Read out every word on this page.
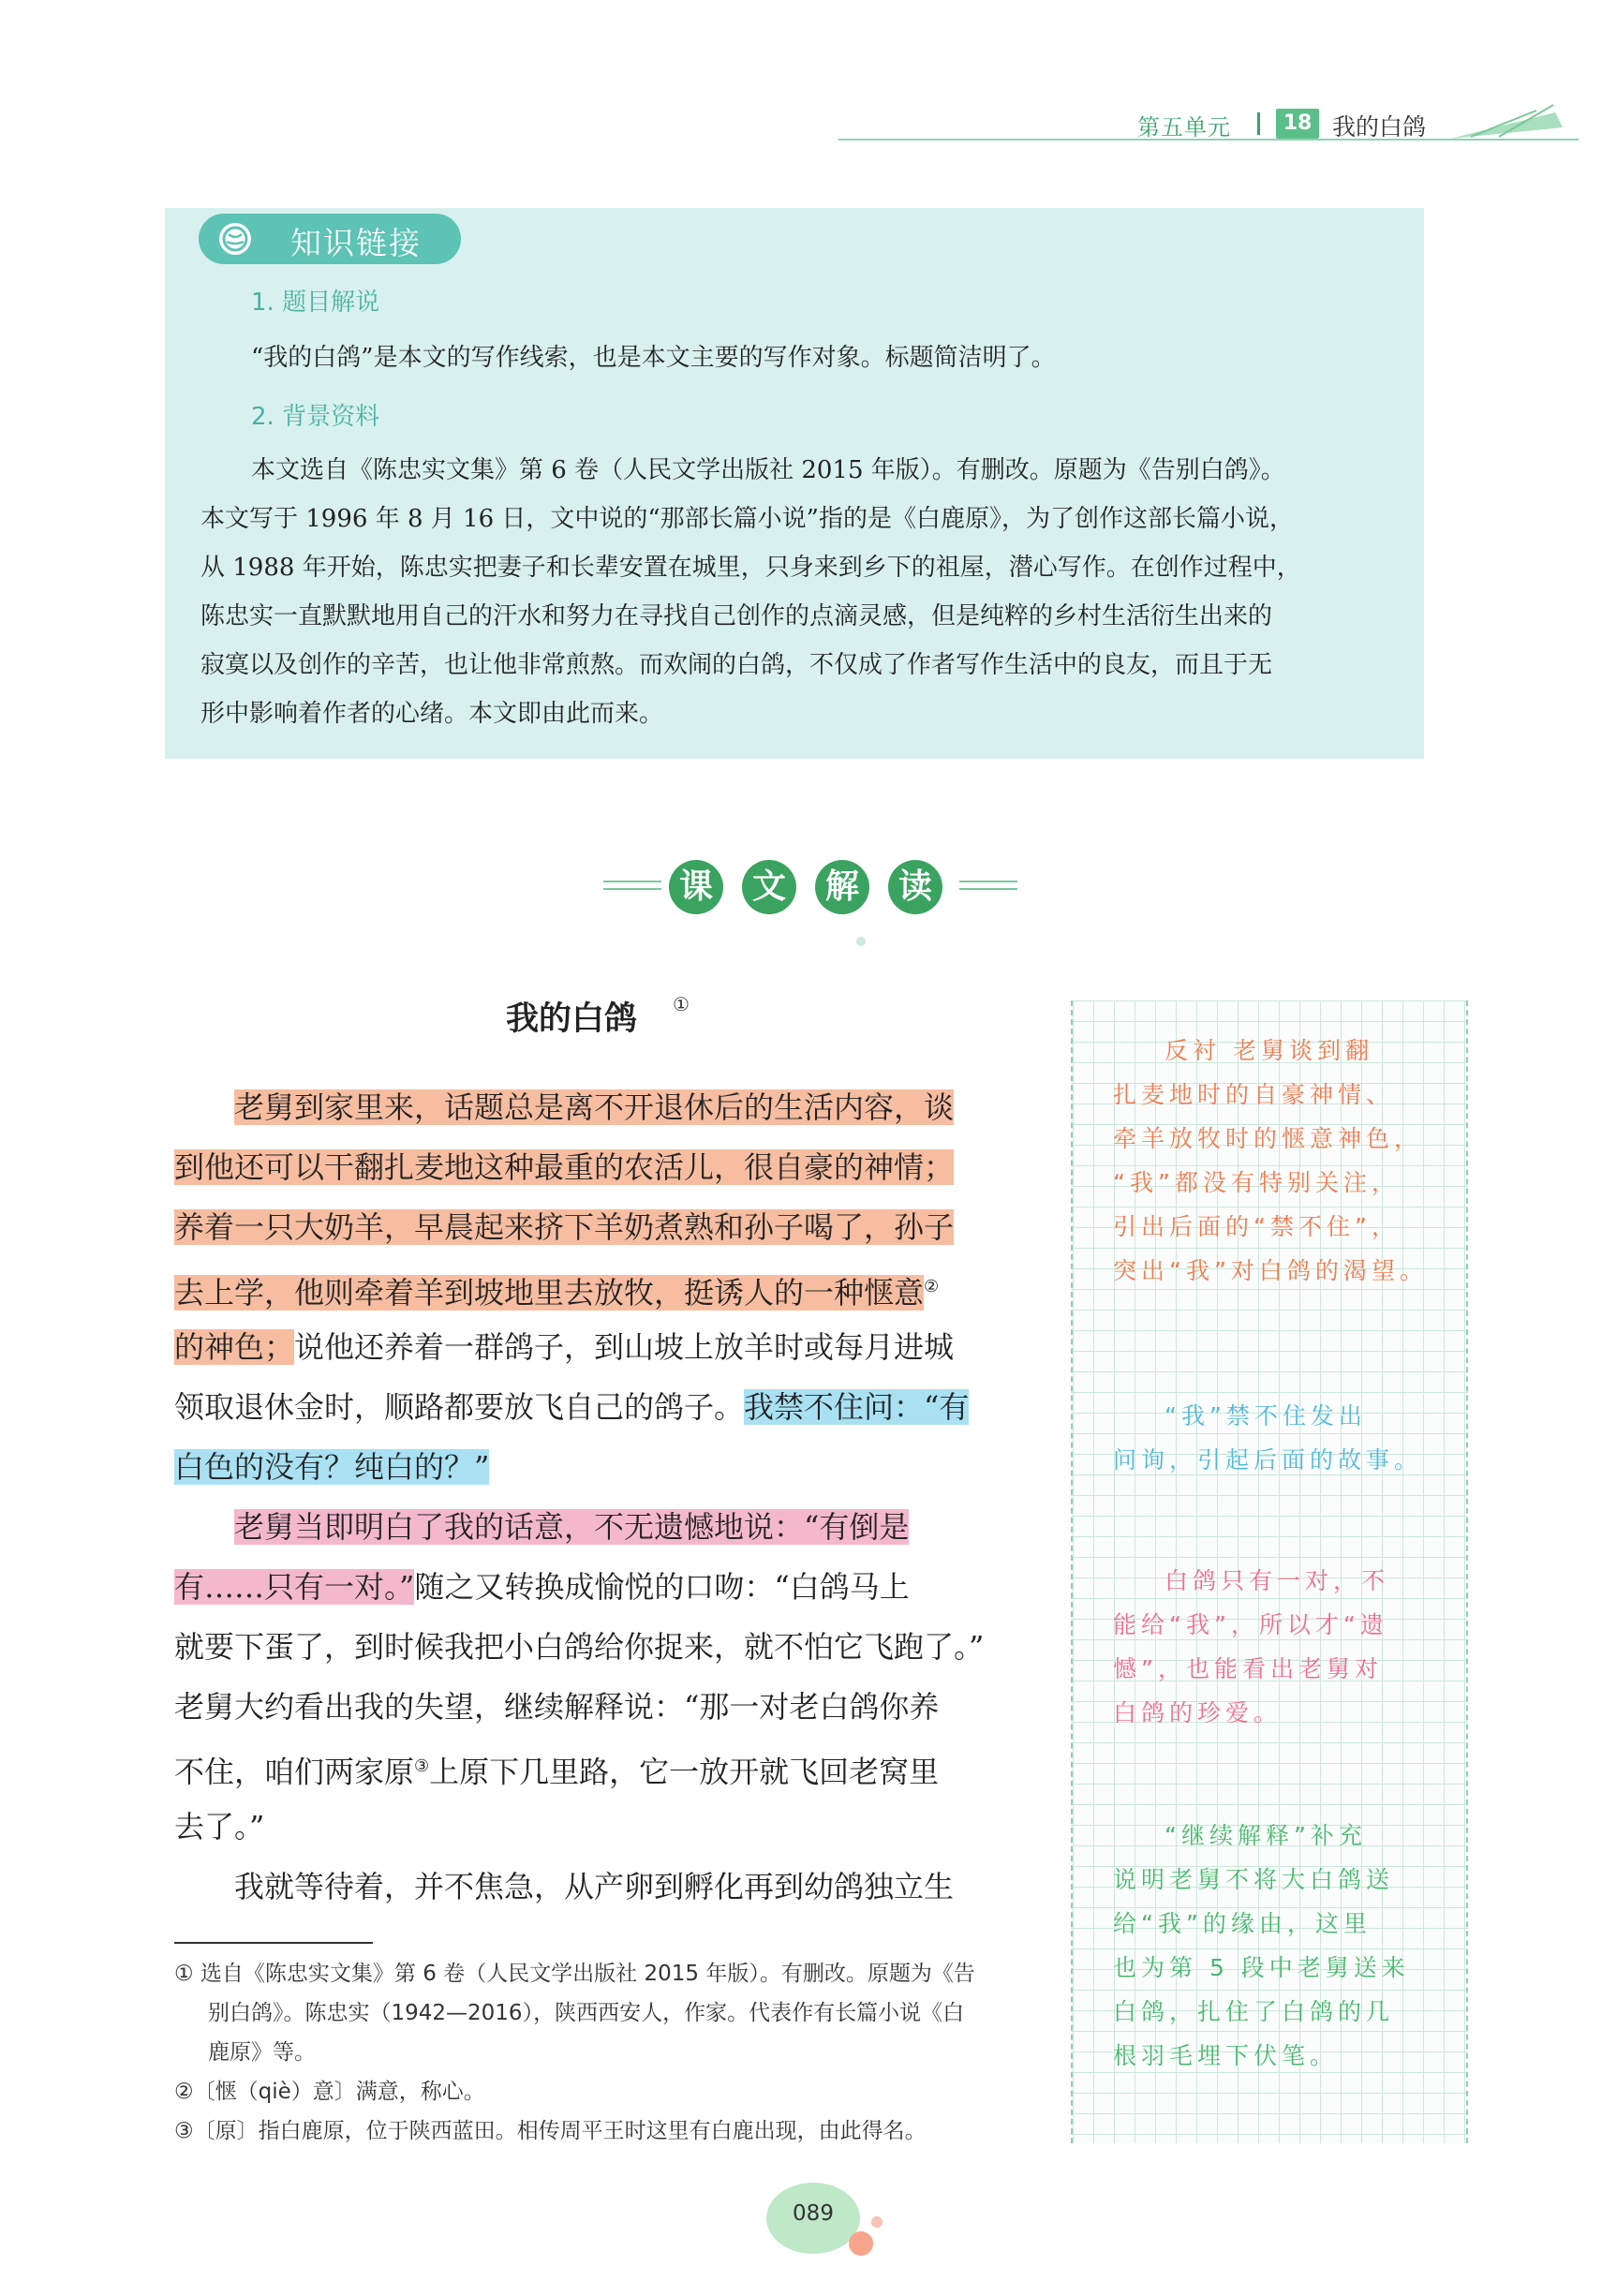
第五单元	18 我的白鸽
知识链接
1. 题目解说
“我的白鸽”是本文的写作线索，也是本文主要的写作对象。标题简洁明了。
2. 背景资料
本文选自《陈忠实文集》第 6 卷（人民文学出版社 2015 年版）。有删改。原题为《告别白鸽》。
本文写于 1996 年 8 月 16 日，文中说的“那部长篇小说”指的是《白鹿原》，为了创作这部长篇小说，
从 1988 年开始，陈忠实把妻子和长辈安置在城里，只身来到乡下的祖屋，潜心写作。在创作过程中，
陈忠实一直默默地用自己的汗水和努力在寻找自己创作的点滴灵感，但是纯粹的乡村生活衍生出来的
寂寞以及创作的辛苦，也让他非常煎熬。而欢闹的白鸽，不仅成了作者写作生活中的良友，而且于无
形中影响着作者的心绪。本文即由此而来。
课	文	解	读
我的白鸽 ①
老舅到家里来，话题总是离不开退休后的生活内容，谈
到他还可以干翻扎麦地这种最重的农活儿，很自豪的神情；
养着一只大奶羊，早晨起来挤下羊奶煮熟和孙子喝了，孙子
去上学，他则牵着羊到坡地里去放牧，挺诱人的一种惬意②
的神色；说他还养着一群鸽子，到山坡上放羊时或每月进城
领取退休金时，顺路都要放飞自己的鸽子。我禁不住问：“有
白色的没有？纯白的？”
老舅当即明白了我的话意，不无遗憾地说：“有倒是
有……只有一对。”随之又转换成愉悦的口吻：“白鸽马上
就要下蛋了，到时候我把小白鸽给你捉来，就不怕它飞跑了。”
老舅大约看出我的失望，继续解释说：“那一对老白鸽你养
不住，咱们两家原③上原下几里路，它一放开就飞回老窝里
去了。”
我就等待着，并不焦急，从产卵到孵化再到幼鸽独立生
反衬 老舅谈到翻
扎麦地时的自豪神情、
牵羊放牧时的惬意神色，
“我”都没有特别关注，
引出后面的“禁不住”，
突出“我”对白鸽的渴望。
“我”禁不住发出
问询，引起后面的故事。
白鸽只有一对，不
能给“我”，所以才“遗
憾”，也能看出老舅对
白鸽的珍爱。
“继续解释”补充
说明老舅不将大白鸽送
给“我”的缘由，这里
也为第 5 段中老舅送来
白鸽，扎住了白鸽的几
根羽毛埋下伏笔。
① 选自《陈忠实文集》第 6 卷（人民文学出版社 2015 年版）。有删改。原题为《告
别白鸽》。陈忠实（1942—2016），陕西西安人，作家。代表作有长篇小说《白
鹿原》等。
②〔惬（qiè）意〕满意，称心。
③〔原〕指白鹿原，位于陕西蓝田。相传周平王时这里有白鹿出现，由此得名。
089
